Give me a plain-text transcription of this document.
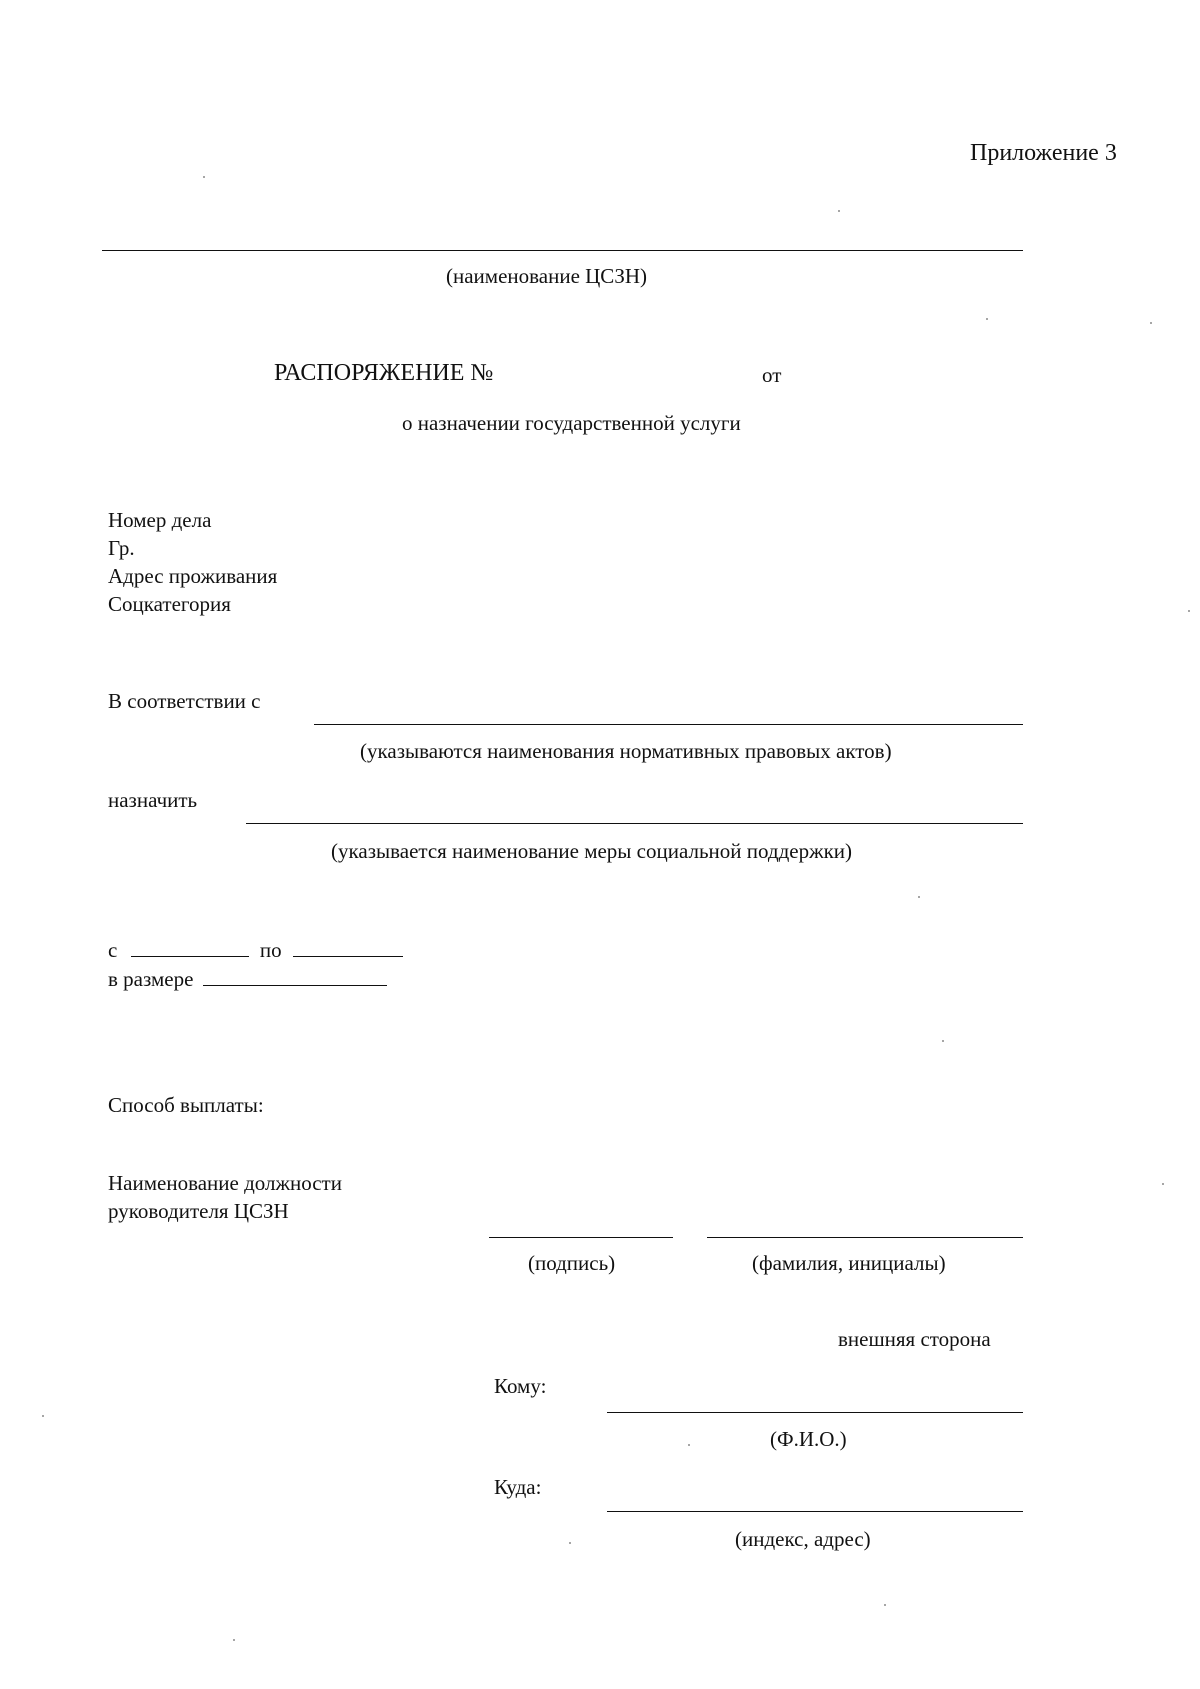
Приложение 3
(наименование ЦСЗН)
РАСПОРЯЖЕНИЕ №	от
о назначении государственной услуги
Номер дела
Гр.
Адрес проживания
Соцкатегория
В соответствии с
(указываются наименования нормативных правовых актов)
назначить
(указывается наименование меры социальной поддержки)
с	по
в размере
Способ выплаты:
Наименование должности
руководителя ЦСЗН
(подпись)	(фамилия, инициалы)
внешняя сторона
Кому:
(Ф.И.О.)
Куда:
(индекс, адрес)
